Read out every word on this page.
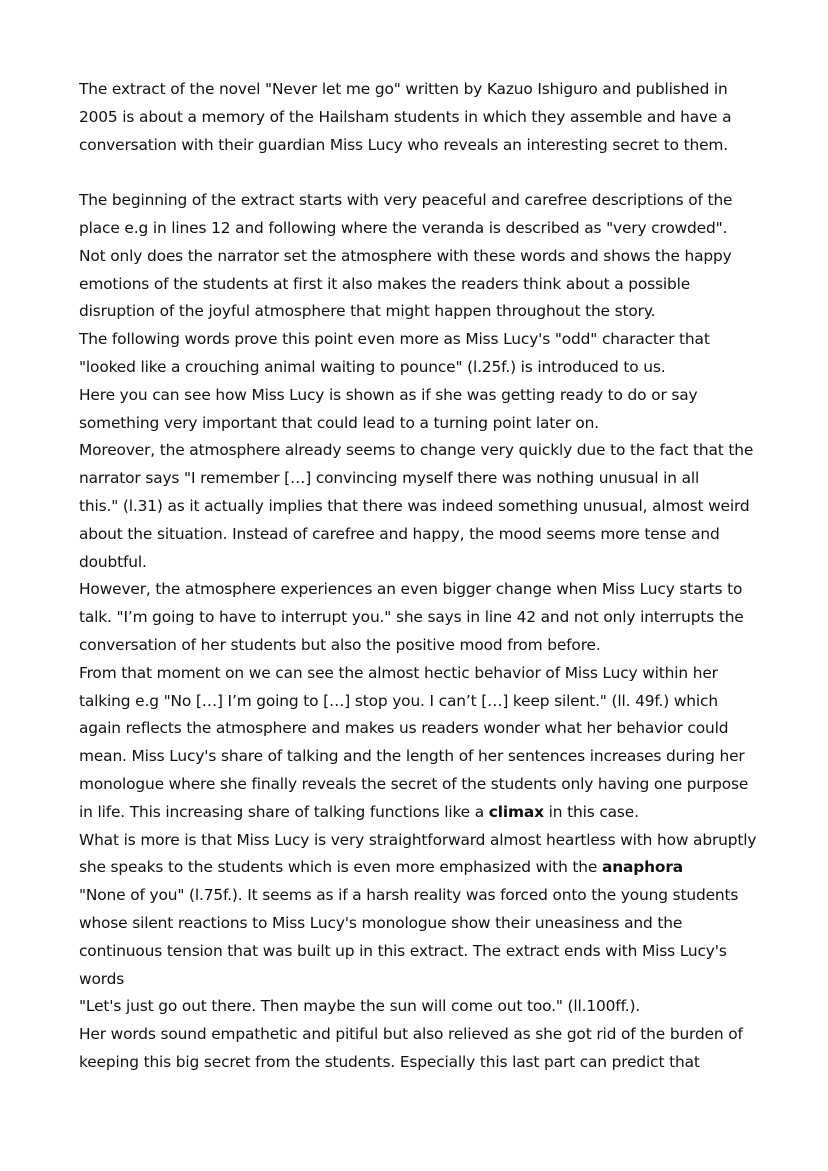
The extract of the novel "Never let me go" written by Kazuo Ishiguro and published in
2005 is about a memory of the Hailsham students in which they assemble and have a
conversation with their guardian Miss Lucy who reveals an interesting secret to them.
The beginning of the extract starts with very peaceful and carefree descriptions of the
place e.g in lines 12 and following where the veranda is described as "very crowded".
Not only does the narrator set the atmosphere with these words and shows the happy
emotions of the students at first it also makes the readers think about a possible
disruption of the joyful atmosphere that might happen throughout the story.
The following words prove this point even more as Miss Lucy's "odd" character that
"looked like a crouching animal waiting to pounce" (l.25f.) is introduced to us.
Here you can see how Miss Lucy is shown as if she was getting ready to do or say
something very important that could lead to a turning point later on.
Moreover, the atmosphere already seems to change very quickly due to the fact that the
narrator says "I remember […] convincing myself there was nothing unusual in all
this." (l.31) as it actually implies that there was indeed something unusual, almost weird
about the situation. Instead of carefree and happy, the mood seems more tense and
doubtful.
However, the atmosphere experiences an even bigger change when Miss Lucy starts to
talk. "I’m going to have to interrupt you." she says in line 42 and not only interrupts the
conversation of her students but also the positive mood from before.
From that moment on we can see the almost hectic behavior of Miss Lucy within her
talking e.g "No […] I’m going to […] stop you. I can’t […] keep silent." (ll. 49f.) which
again reflects the atmosphere and makes us readers wonder what her behavior could
mean. Miss Lucy's share of talking and the length of her sentences increases during her
monologue where she finally reveals the secret of the students only having one purpose
in life. This increasing share of talking functions like a climax in this case.
What is more is that Miss Lucy is very straightforward almost heartless with how abruptly
she speaks to the students which is even more emphasized with the anaphora
"None of you" (l.75f.). It seems as if a harsh reality was forced onto the young students
whose silent reactions to Miss Lucy's monologue show their uneasiness and the
continuous tension that was built up in this extract. The extract ends with Miss Lucy's
words
"Let's just go out there. Then maybe the sun will come out too." (ll.100ff.).
Her words sound empathetic and pitiful but also relieved as she got rid of the burden of
keeping this big secret from the students. Especially this last part can predict that
